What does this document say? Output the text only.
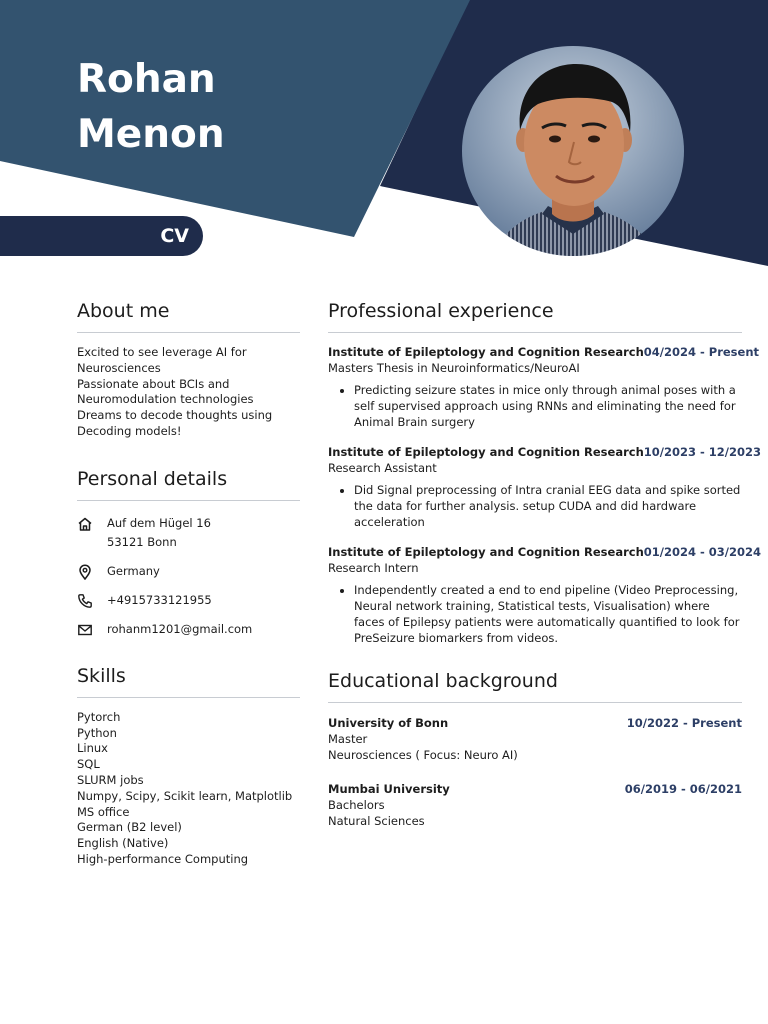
Rohan
Menon
CV
About me
Excited to see leverage AI for
Neurosciences
Passionate about BCIs and
Neuromodulation technologies
Dreams to decode thoughts using
Decoding models!
Personal details
Auf dem Hügel 16
53121 Bonn
Germany
+4915733121955
rohanm1201@gmail.com
Skills
Pytorch
Python
Linux
SQL
SLURM jobs
Numpy, Scipy, Scikit learn, Matplotlib
MS office
German (B2 level)
English (Native)
High-performance Computing
Professional experience
Institute of Epileptology and Cognition Research 04/2024 - Present
Masters Thesis in Neuroinformatics/NeuroAI
• Predicting seizure states in mice only through animal poses with a self supervised approach using RNNs and eliminating the need for Animal Brain surgery
Institute of Epileptology and Cognition Research 10/2023 - 12/2023
Research Assistant
• Did Signal preprocessing of Intra cranial EEG data and spike sorted the data for further analysis. setup CUDA and did hardware acceleration
Institute of Epileptology and Cognition Research 01/2024 - 03/2024
Research Intern
• Independently created a end to end pipeline (Video Preprocessing, Neural network training, Statistical tests, Visualisation) where faces of Epilepsy patients were automatically quantified to look for PreSeizure biomarkers from videos.
Educational background
University of Bonn	10/2022 - Present
Master
Neurosciences ( Focus: Neuro AI)
Mumbai University	06/2019 - 06/2021
Bachelors
Natural Sciences
